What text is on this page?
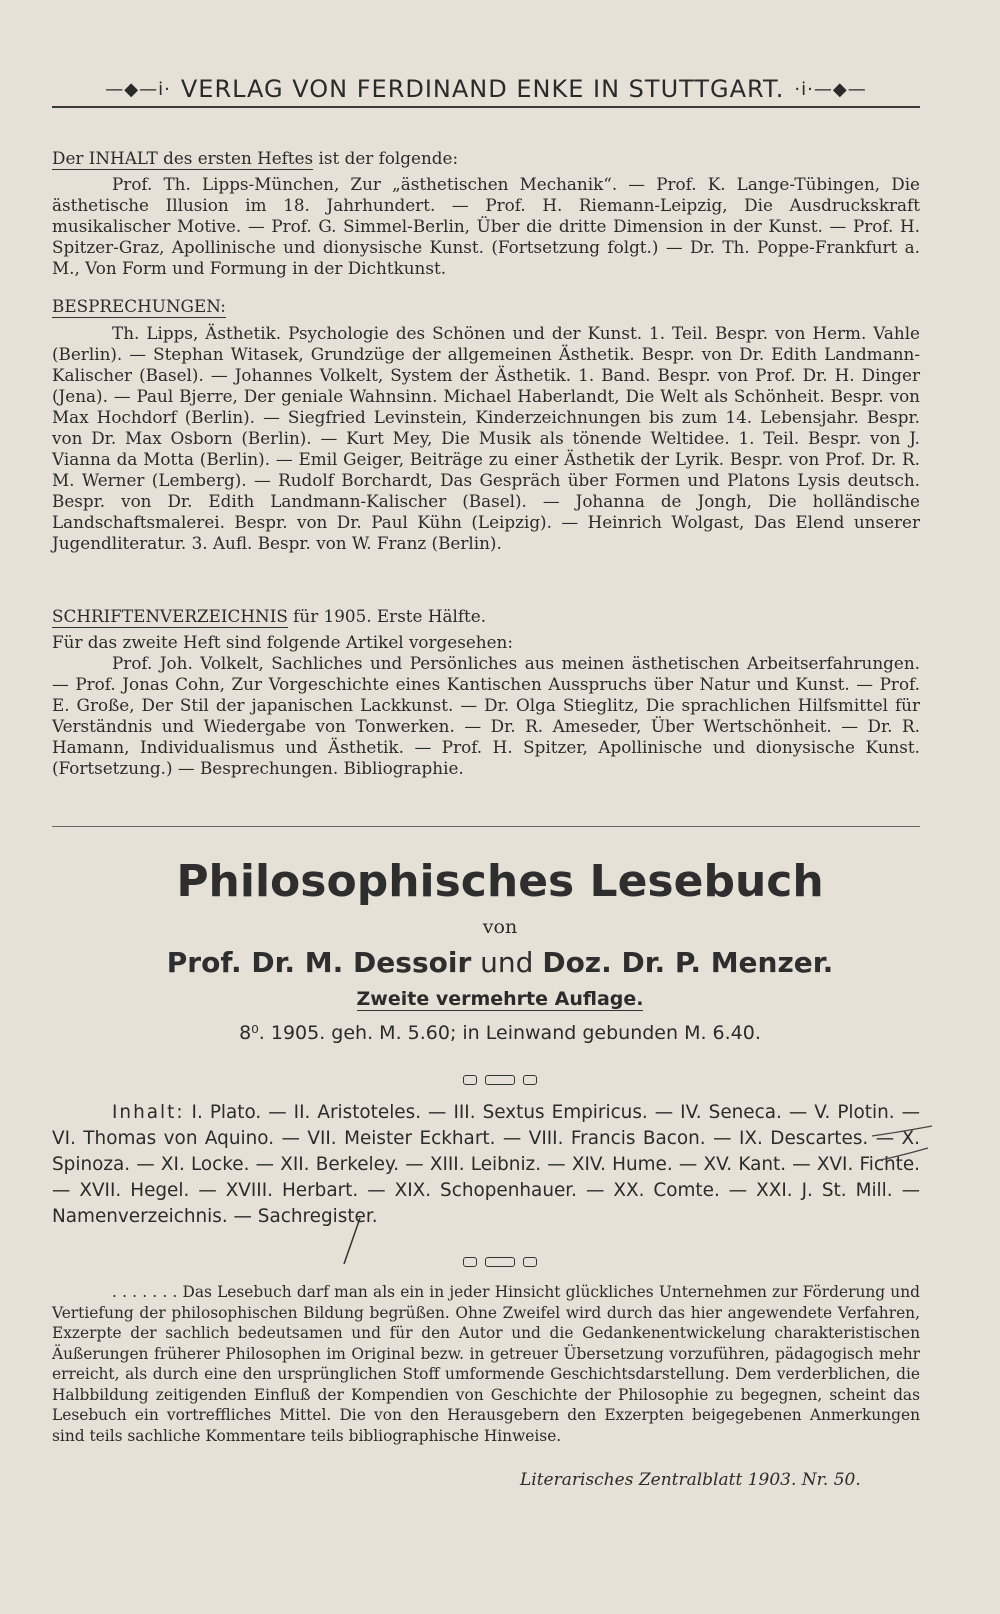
—◆—i· VERLAG VON FERDINAND ENKE IN STUTTGART. ·i·—◆—
Der INHALT des ersten Heftes ist der folgende:

Prof. Th. Lipps-München, Zur „ästhetischen Mechanik“. — Prof. K. Lange-Tübingen, Die ästhetische Illusion im 18. Jahrhundert. — Prof. H. Riemann-Leipzig, Die Ausdruckskraft musikalischer Motive. — Prof. G. Simmel-Berlin, Über die dritte Dimension in der Kunst. — Prof. H. Spitzer-Graz, Apollinische und dionysische Kunst. (Fortsetzung folgt.) — Dr. Th. Poppe-Frankfurt a. M., Von Form und Formung in der Dichtkunst.

BESPRECHUNGEN:

Th. Lipps, Ästhetik. Psychologie des Schönen und der Kunst. 1. Teil. Bespr. von Herm. Vahle (Berlin). — Stephan Witasek, Grundzüge der allgemeinen Ästhetik. Bespr. von Dr. Edith Landmann-Kalischer (Basel). — Johannes Volkelt, System der Ästhetik. 1. Band. Bespr. von Prof. Dr. H. Dinger (Jena). — Paul Bjerre, Der geniale Wahnsinn. Michael Haberlandt, Die Welt als Schönheit. Bespr. von Max Hochdorf (Berlin). — Siegfried Levinstein, Kinderzeichnungen bis zum 14. Lebensjahr. Bespr. von Dr. Max Osborn (Berlin). — Kurt Mey, Die Musik als tönende Weltidee. 1. Teil. Bespr. von J. Vianna da Motta (Berlin). — Emil Geiger, Beiträge zu einer Ästhetik der Lyrik. Bespr. von Prof. Dr. R. M. Werner (Lemberg). — Rudolf Borchardt, Das Gespräch über Formen und Platons Lysis deutsch. Bespr. von Dr. Edith Landmann-Kalischer (Basel). — Johanna de Jongh, Die holländische Landschaftsmalerei. Bespr. von Dr. Paul Kühn (Leipzig). — Heinrich Wolgast, Das Elend unserer Jugendliteratur. 3. Aufl. Bespr. von W. Franz (Berlin).

SCHRIFTENVERZEICHNIS für 1905. Erste Hälfte.
Für das zweite Heft sind folgende Artikel vorgesehen:

Prof. Joh. Volkelt, Sachliches und Persönliches aus meinen ästhetischen Arbeitserfahrungen. — Prof. Jonas Cohn, Zur Vorgeschichte eines Kantischen Ausspruchs über Natur und Kunst. — Prof. E. Große, Der Stil der japanischen Lackkunst. — Dr. Olga Stieglitz, Die sprachlichen Hilfsmittel für Verständnis und Wiedergabe von Tonwerken. — Dr. R. Ameseder, Über Wertschönheit. — Dr. R. Hamann, Individualismus und Ästhetik. — Prof. H. Spitzer, Apollinische und dionysische Kunst. (Fortsetzung.) — Besprechungen. Bibliographie.

Philosophisches Lesebuch
von
Prof. Dr. M. Dessoir und Doz. Dr. P. Menzer.
Zweite vermehrte Auflage.
8⁰. 1905. geh. M. 5.60; in Leinwand gebunden M. 6.40.

Inhalt: I. Plato. — II. Aristoteles. — III. Sextus Empiricus. — IV. Seneca. — V. Plotin. — VI. Thomas von Aquino. — VII. Meister Eckhart. — VIII. Francis Bacon. — IX. Descartes. — X. Spinoza. — XI. Locke. — XII. Berkeley. — XIII. Leibniz. — XIV. Hume. — XV. Kant. — XVI. Fichte. — XVII. Hegel. — XVIII. Herbart. — XIX. Schopenhauer. — XX. Comte. — XXI. J. St. Mill. — Namenverzeichnis. — Sachregister.

. . . . . . . Das Lesebuch darf man als ein in jeder Hinsicht glückliches Unternehmen zur Förderung und Vertiefung der philosophischen Bildung begrüßen. Ohne Zweifel wird durch das hier angewendete Verfahren, Exzerpte der sachlich bedeutsamen und für den Autor und die Gedankenentwickelung charakteristischen Äußerungen früherer Philosophen im Original bezw. in getreuer Übersetzung vorzuführen, pädagogisch mehr erreicht, als durch eine den ursprünglichen Stoff umformende Geschichtsdarstellung. Dem verderblichen, die Halbbildung zeitigenden Einfluß der Kompendien von Geschichte der Philosophie zu begegnen, scheint das Lesebuch ein vortreffliches Mittel. Die von den Herausgebern den Exzerpten beigegebenen Anmerkungen sind teils sachliche Kommentare teils bibliographische Hinweise.

Literarisches Zentralblatt 1903. Nr. 50.
